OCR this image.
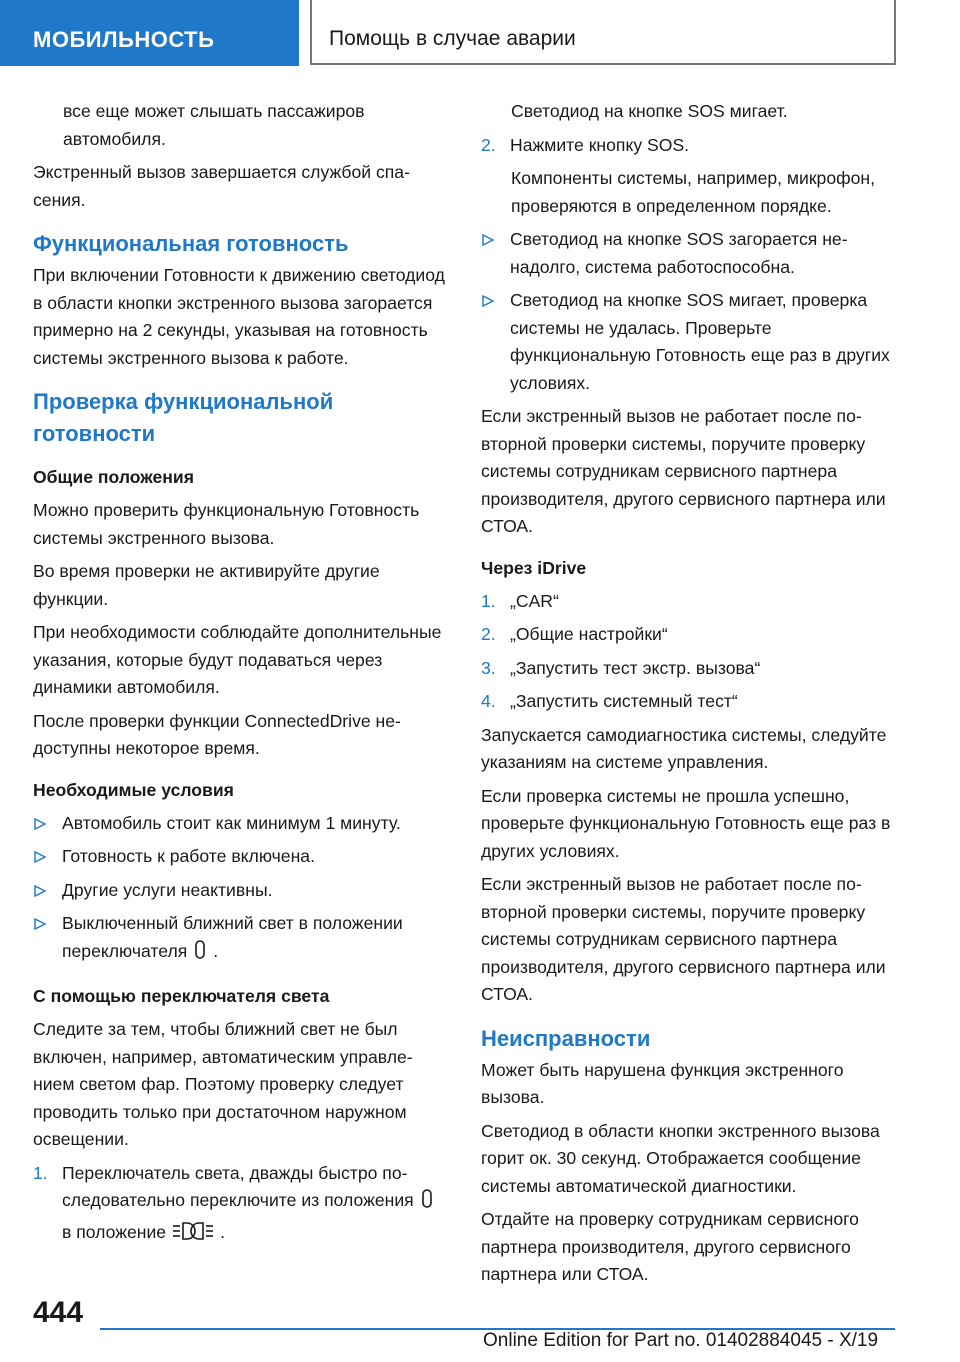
МОБИЛЬНОСТЬ	Помощь в случае аварии

все еще может слышать пассажиров автомобиля.

Экстренный вызов завершается службой спасения.

Функциональная готовность

При включении Готовности к движению светодиод в области кнопки экстренного вызова загорается примерно на 2 секунды, указывая на готовность системы экстренного вызова к работе.

Проверка функциональной готовности
Общие положения

Можно проверить функциональную Готовность системы экстренного вызова.

Во время проверки не активируйте другие функции.

При необходимости соблюдайте дополнительные указания, которые будут подаваться через динамики автомобиля.

После проверки функции ConnectedDrive недоступны некоторое время.

Необходимые условия
Автомобиль стоит как минимум 1 минуту.
Готовность к работе включена.
Другие услуги неактивны.
Выключенный ближний свет в положении переключателя .
С помощью переключателя света

Следите за тем, чтобы ближний свет не был включен, например, автоматическим управлением светом фар. Поэтому проверку следует проводить только при достаточном наружном освещении.

1. Переключатель света, дважды быстро последовательно переключите из положенияв положение	.

Светодиод на кнопке SOS мигает.

2. Нажмите кнопку SOS.

Компоненты системы, например, микрофон, проверяются в определенном порядке.

Светодиод на кнопке SOS загорается ненадолго, система работоспособна.
Светодиод на кнопке SOS мигает, проверка системы не удалась. Проверьте функциональную Готовность еще раз в других условиях.

Если экстренный вызов не работает после повторной проверки системы, поручите проверку системы сотрудникам сервисного партнера производителя, другого сервисного партнера или СТОА.

Через iDrive
1. „CAR“
2. „Общие настройки“
3. „Запустить тест экстр. вызова“
4. „Запустить системный тест“

Запускается самодиагностика системы, следуйте указаниям на системе управления.

Если проверка системы не прошла успешно, проверьте функциональную Готовность еще раз в других условиях.

Если экстренный вызов не работает после повторной проверки системы, поручите проверку системы сотрудникам сервисного партнера производителя, другого сервисного партнера или СТОА.

Неисправности

Может быть нарушена функция экстренного вызова.

Светодиод в области кнопки экстренного вызова горит ок. 30 секунд. Отображается сообщение системы автоматической диагностики.

Отдайте на проверку сотрудникам сервисного партнера производителя, другого сервисного партнера или СТОА.

444
Online Edition for Part no. 01402884045 - X/19
